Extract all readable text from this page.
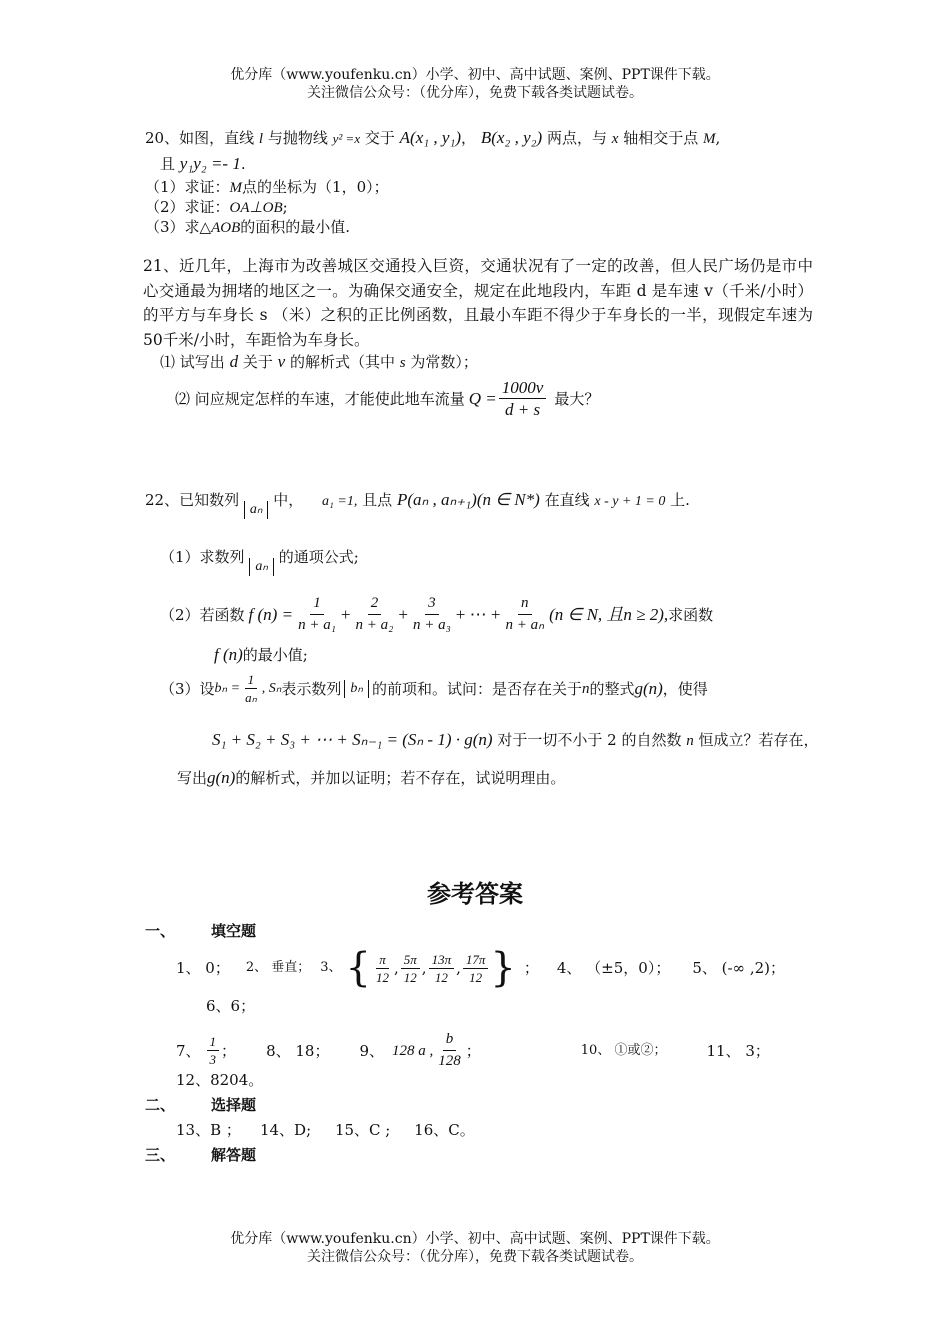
优分库（www.youfenku.cn）小学、初中、高中试题、案例、PPT课件下载。
关注微信公众号：（优分库），免费下载各类试题试卷。
20、如图，直线 l 与抛物线 y² =x 交于 A(x₁ , y₁)， B(x₂ , y₂) 两点，与 x 轴相交于点 M,
且 y₁y₂ =- 1.
（1）求证：M点的坐标为（1，0）；
（2）求证：OA⊥OB;
（3）求△AOB的面积的最小值.
21、近几年，上海市为改善城区交通投入巨资，交通状况有了一定的改善，但人民广场仍是市中心交通最为拥堵的地区之一。为确保交通安全，规定在此地段内，车距 d 是车速 v（千米/小时）的平方与车身长 s （米）之积的正比例函数，且最小车距不得少于车身长的一半，现假定车速为50千米/小时，车距恰为车身长。
⑴ 试写出 d 关于 v 的解析式（其中 s 为常数）；
⑵ 问应规定怎样的车速，才能使此地车流量 $Q = \frac{1000v}{d + s}$ 最大？
22、已知数列 aₙ 中， a₁ =1, 且点 P(aₙ , aₙ₊₁)(n ∈ N*) 在直线 x - y + 1 = 0 上.
（1）求数列 aₙ 的通项公式;
（2）若函数 f $(n) = \frac{1}{\text{n + a₁}} + \frac{2}{\text{n + a₂}} + \frac{3}{\text{n + a₃}}$ + ⋯ + $\frac{n}{\text{n + aₙ}} (n$ ∈ N, 且n ≥ 2), 求函数
f (n)的最小值;
（3）设 $b_n = \frac{1}{\text{aₙ}}$ , Sₙ 表示数列 bₙ 的前项和。试问：是否存在关于 n 的整式 g(n) ，使得
S₁ + S₂ + S₃ + ⋯ + Sₙ₋₁ = (Sₙ - 1) · g(n) 对于一切不小于 2 的自然数 n 恒成立？若存在，
写出g(n)的解析式，并加以证明；若不存在，试说明理由。
参考答案
一、 填空题
1、 0； 2、 垂直； 3、 { $\frac{\pi}{12}$ , $\frac{5\pi}{12}$ , $\frac{13\pi}{12}$ , $\frac{17\pi}{12}$ } ； 4、 （±5，0）； 5、 (-∞ ,2)；
6、6；
7、 $\frac{1}{3}$ ； 8、 18； 9、 128 a , $\frac{b}{128}$ ；	10、 ①或②；	11、 3；
12、8204。
二、 选择题
13、B ；    14、D;     15、C ;     16、C。
三、 解答题
优分库（www.youfenku.cn）小学、初中、高中试题、案例、PPT课件下载。
关注微信公众号：（优分库），免费下载各类试题试卷。
